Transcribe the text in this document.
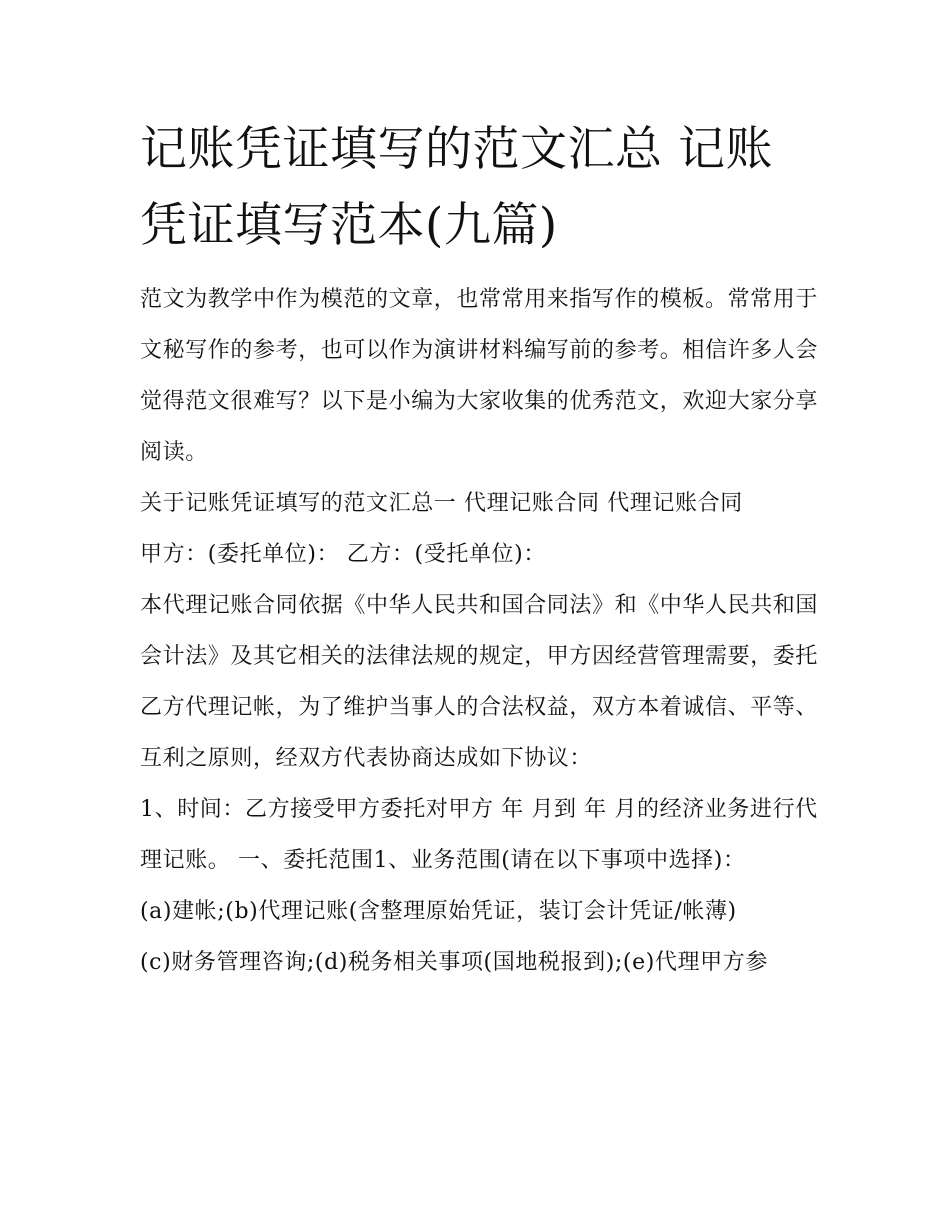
记账凭证填写的范文汇总 记账凭证填写范本(九篇)

范文为教学中作为模范的文章，也常常用来指写作的模板。常常用于文秘写作的参考，也可以作为演讲材料编写前的参考。相信许多人会觉得范文很难写？以下是小编为大家收集的优秀范文，欢迎大家分享阅读。

关于记账凭证填写的范文汇总一 代理记账合同 代理记账合同

甲方：(委托单位)： 乙方：(受托单位)：

本代理记账合同依据《中华人民共和国合同法》和《中华人民共和国会计法》及其它相关的法律法规的规定，甲方因经营管理需要，委托乙方代理记帐，为了维护当事人的合法权益，双方本着诚信、平等、互利之原则，经双方代表协商达成如下协议：

1、时间：乙方接受甲方委托对甲方 年 月到 年 月的经济业务进行代理记账。 一、委托范围1、业务范围(请在以下事项中选择)：

(a)建帐;(b)代理记账(含整理原始凭证，装订会计凭证/帐薄)

(c)财务管理咨询;(d)税务相关事项(国地税报到);(e)代理甲方参
